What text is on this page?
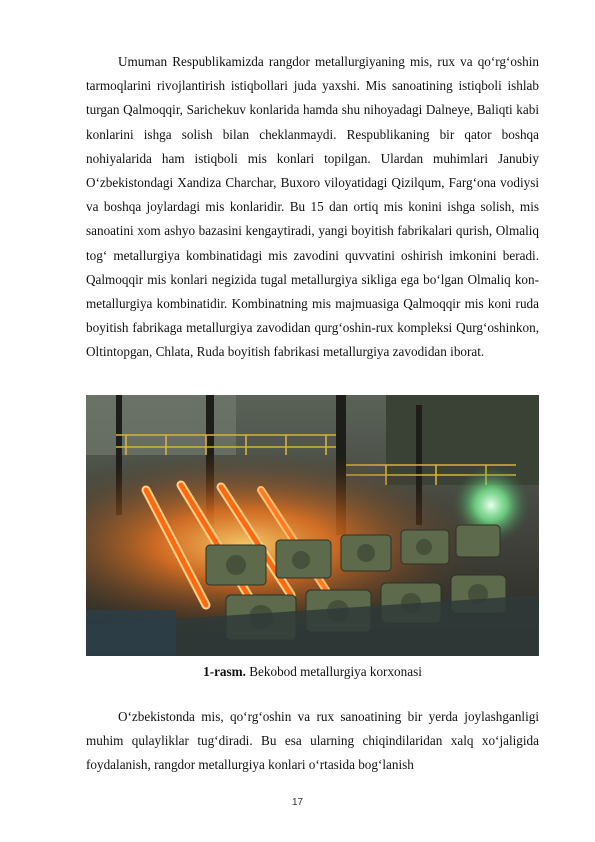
Umuman Respublikamizda rangdor metallurgiyaning mis, rux va qo‘rg‘oshin tarmoqlarini rivojlantirish istiqbollari juda yaxshi. Mis sanoatining istiqboli ishlab turgan Qalmoqqir, Sarichekuv konlarida hamda shu nihoyadagi Dalneye, Baliqti kabi konlarini ishga solish bilan cheklanmaydi. Respublikaning bir qator boshqa nohiyalarida ham istiqboli mis konlari topilgan. Ulardan muhimlari Janubiy O‘zbekistondagi Xandiza Charchar, Buxoro viloyatidagi Qizilqum, Farg‘ona vodiysi va boshqa joylardagi mis konlaridir. Bu 15 dan ortiq mis konini ishga solish, mis sanoatini xom ashyo bazasini kengaytiradi, yangi boyitish fabrikalari qurish, Olmaliq tog‘ metallurgiya kombinatidagi mis zavodini quvvatini oshirish imkonini beradi. Qalmoqqir mis konlari negizida tugal metallurgiya sikliga ega bo‘lgan Olmaliq kon-metallurgiya kombinatidir. Kombinatning mis majmuasiga Qalmoqqir mis koni ruda boyitish fabrikaga metallurgiya zavodidan qurg‘oshin-rux kompleksi Qurg‘oshinkon, Oltintopgan, Chlata, Ruda boyitish fabrikasi metallurgiya zavodidan iborat.

1-rasm. Bekobod metallurgiya korxonasi

O‘zbekistonda mis, qo‘rg‘oshin va rux sanoatining bir yerda joylashganligi muhim qulayliklar tug‘diradi. Bu esa ularning chiqindilaridan xalq xo‘jaligida foydalanish, rangdor metallurgiya konlari o‘rtasida bog‘lanish

17
